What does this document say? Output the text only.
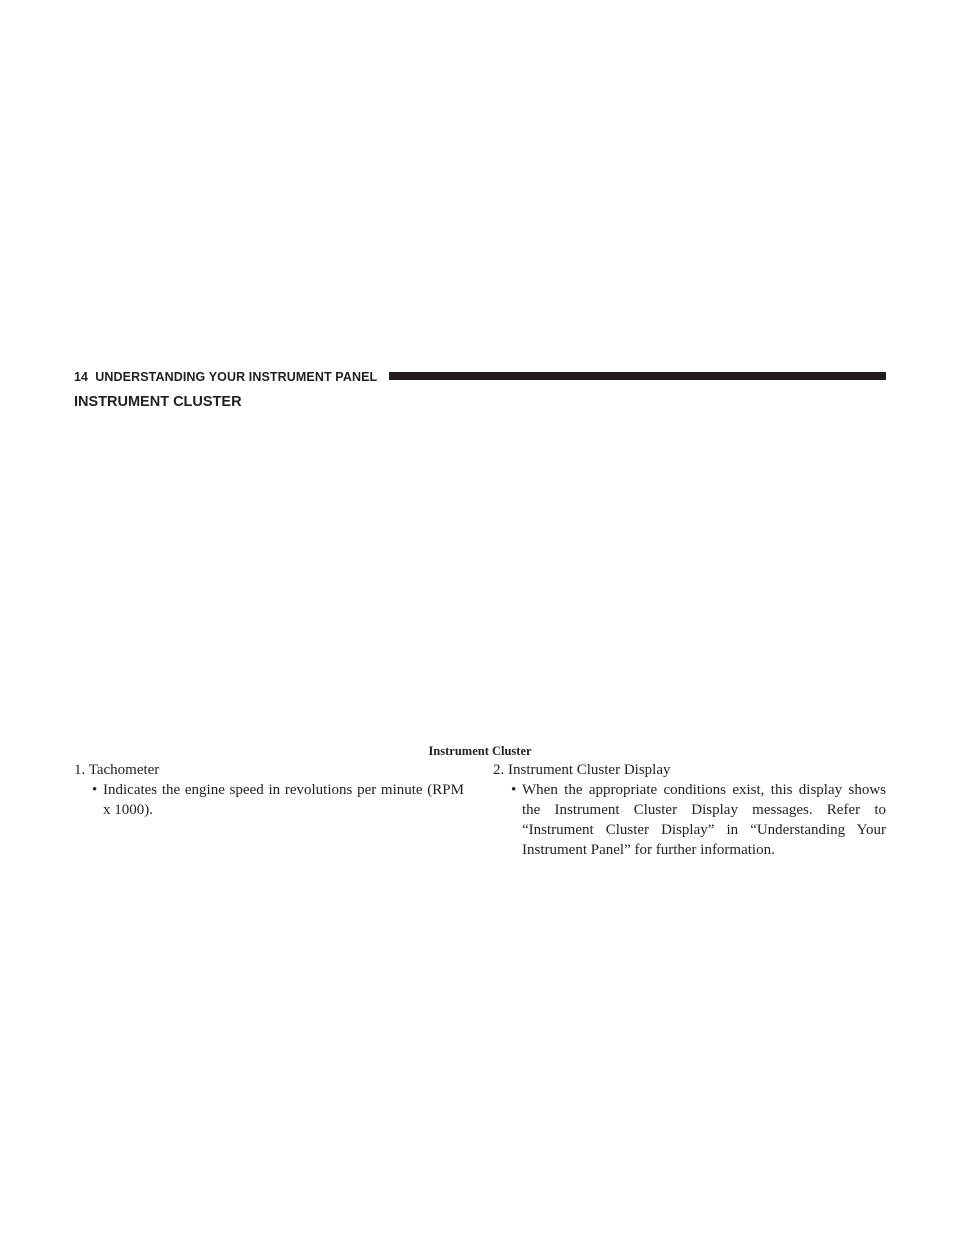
14 UNDERSTANDING YOUR INSTRUMENT PANEL
INSTRUMENT CLUSTER
Instrument Cluster

1. Tachometer

• Indicates the engine speed in revolutions per minute (RPM x 1000).

2. Instrument Cluster Display

• When the appropriate conditions exist, this display shows the Instrument Cluster Display messages. Refer to “Instrument Cluster Display” in “Understanding Your Instrument Panel” for further information.
